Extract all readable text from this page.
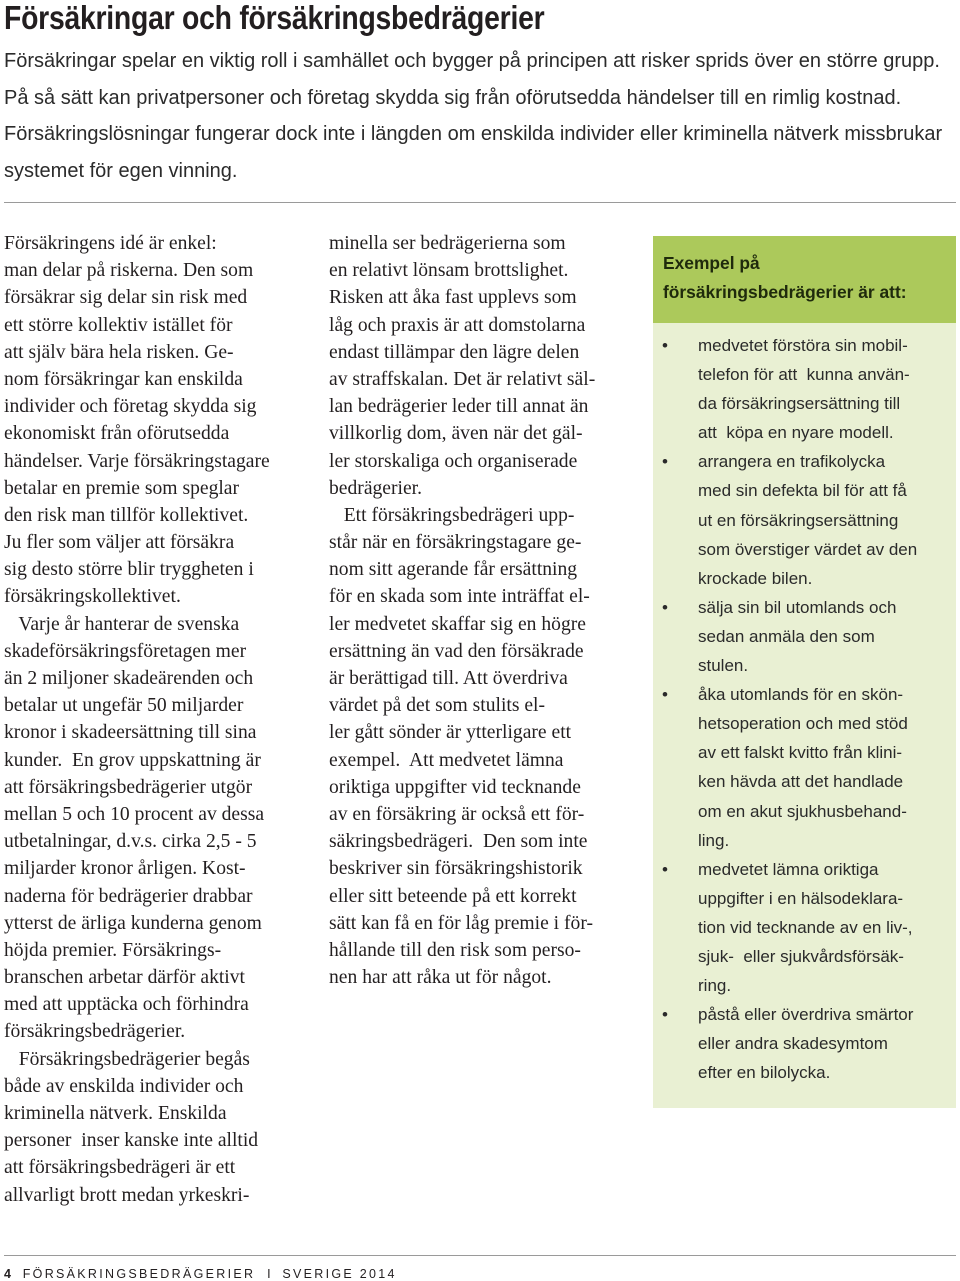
Försäkringar och försäkringsbedrägerier

Försäkringar spelar en viktig roll i samhället och bygger på principen att risker sprids över en större grupp. På så sätt kan privatpersoner och företag skydda sig från oförutsedda händelser till en rimlig kostnad. Försäkringslösningar fungerar dock inte i längden om enskilda individer eller kriminella nätverk missbrukar systemet för egen vinning.

Försäkringens idé är enkel:
man delar på riskerna. Den som
försäkrar sig delar sin risk med
ett större kollektiv istället för
att själv bära hela risken. Ge-
nom försäkringar kan enskilda
individer och företag skydda sig
ekonomiskt från oförutsedda
händelser. Varje försäkringstagare
betalar en premie som speglar
den risk man tillför kollektivet.
Ju fler som väljer att försäkra
sig desto större blir tryggheten i
försäkringskollektivet.
Varje år hanterar de svenska
skadeförsäkringsföretagen mer
än 2 miljoner skadeärenden och
betalar ut ungefär 50 miljarder
kronor i skadeersättning till sina
kunder.  En grov uppskattning är
att försäkringsbedrägerier utgör
mellan 5 och 10 procent av dessa
utbetalningar, d.v.s. cirka 2,5 - 5
miljarder kronor årligen. Kost-
naderna för bedrägerier drabbar
ytterst de ärliga kunderna genom
höjda premier. Försäkrings-
branschen arbetar därför aktivt
med att upptäcka och förhindra
försäkringsbedrägerier.
Försäkringsbedrägerier begås
både av enskilda individer och
kriminella nätverk. Enskilda
personer  inser kanske inte alltid
att försäkringsbedrägeri är ett
allvarligt brott medan yrkeskri-
minella ser bedrägerierna som
en relativt lönsam brottslighet.
Risken att åka fast upplevs som
låg och praxis är att domstolarna
endast tillämpar den lägre delen
av straffskalan. Det är relativt säl-
lan bedrägerier leder till annat än
villkorlig dom, även när det gäl-
ler storskaliga och organiserade
bedrägerier.
Ett försäkringsbedrägeri upp-
står när en försäkringstagare ge-
nom sitt agerande får ersättning
för en skada som inte inträffat el-
ler medvetet skaffar sig en högre
ersättning än vad den försäkrade
är berättigad till. Att överdriva
värdet på det som stulits el-
ler gått sönder är ytterligare ett
exempel.  Att medvetet lämna
oriktiga uppgifter vid tecknande
av en försäkring är också ett för-
säkringsbedrägeri.  Den som inte
beskriver sin försäkringshistorik
eller sitt beteende på ett korrekt
sätt kan få en för låg premie i för-
hållande till den risk som perso-
nen har att råka ut för något.
Exempel på
försäkringsbedrägerier är att:
• medvetet förstöra sin mobil-
telefon för att  kunna använ-
da försäkringsersättning till
att  köpa en nyare modell.
• arrangera en trafikolycka
med sin defekta bil för att få
ut en försäkringsersättning
som överstiger värdet av den
krockade bilen.
• sälja sin bil utomlands och
sedan anmäla den som
stulen.
• åka utomlands för en skön-
hetsoperation och med stöd
av ett falskt kvitto från klini-
ken hävda att det handlade
om en akut sjukhusbehand-
ling.
• medvetet lämna oriktiga
uppgifter i en hälsodeklara-
tion vid tecknande av en liv-,
sjuk-  eller sjukvårdsförsäk-
ring.
• påstå eller överdriva smärtor
eller andra skadesymtom
efter en bilolycka.
4 FÖRSÄKRINGSBEDRÄGERIER I SVERIGE 2014
